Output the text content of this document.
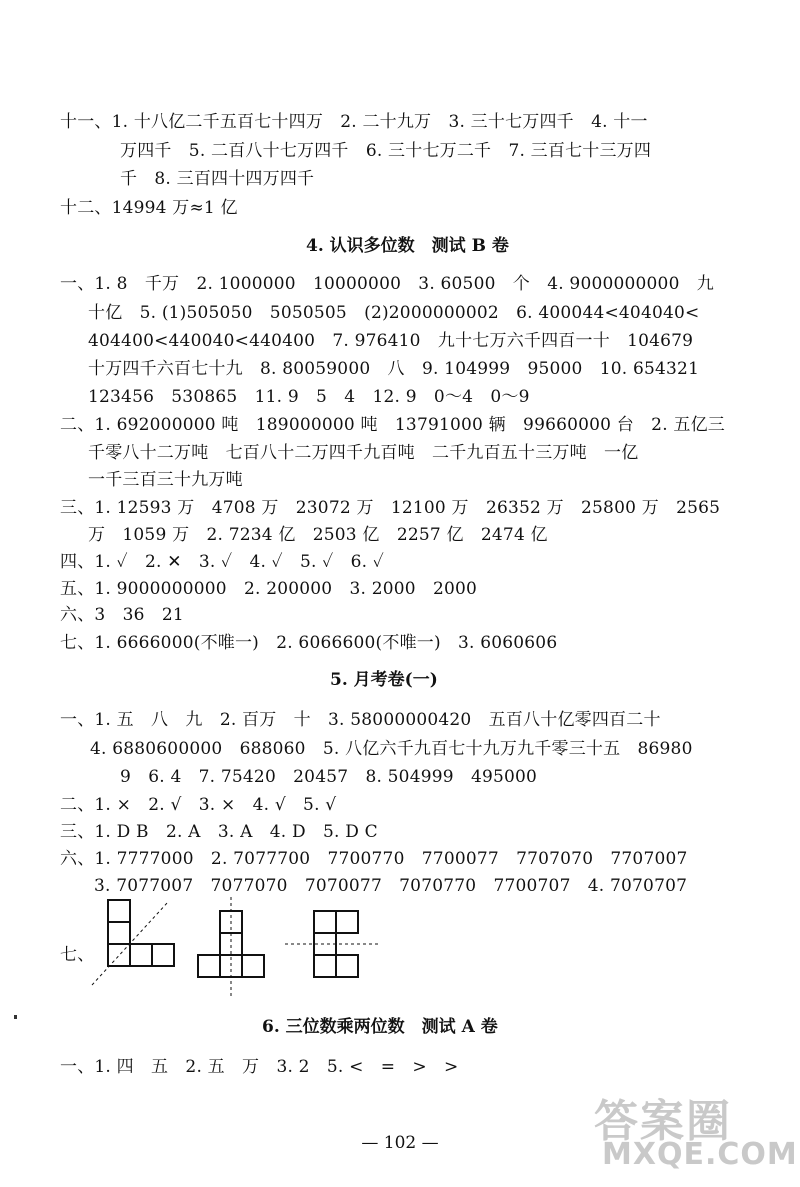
十一、1. 十八亿二千五百七十四万　2. 二十九万　3. 三十七万四千　4. 十一
万四千　5. 二百八十七万四千　6. 三十七万二千　7. 三百七十三万四
千　8. 三百四十四万四千
十二、14994 万≈1 亿
4. 认识多位数　测试 B 卷
一、1. 8　千万　2. 1000000　10000000　3. 60500　个　4. 9000000000　九
十亿　5. (1)505050　5050505　(2)2000000002　6. 400044<404040<
404400<440040<440400　7. 976410　九十七万六千四百一十　104679
十万四千六百七十九　8. 80059000　八　9. 104999　95000　10. 654321
123456　530865　11. 9　5　4　12. 9　0～4　0～9
二、1. 692000000 吨　189000000 吨　13791000 辆　99660000 台　2. 五亿三
千零八十二万吨　七百八十二万四千九百吨　二千九百五十三万吨　一亿
一千三百三十九万吨
三、1. 12593 万　4708 万　23072 万　12100 万　26352 万　25800 万　2565
万　1059 万　2. 7234 亿　2503 亿　2257 亿　2474 亿
四、1. ✓　2. ✕　3. ✓　4. ✓　5. ✓　6. ✓
五、1. 9000000000　2. 200000　3. 2000　2000
六、3　36　21
七、1. 6666000(不唯一)　2. 6066600(不唯一)　3. 6060606
5. 月考卷(一)
一、1. 五　八　九　2. 百万　十　3. 58000000420　五百八十亿零四百二十
4. 6880600000　688060　5. 八亿六千九百七十九万九千零三十五　86980
9　6. 4　7. 75420　20457　8. 504999　495000
二、1. ×　2. √　3. ×　4. √　5. √
三、1. D B　2. A　3. A　4. D　5. D C
六、1. 7777000　2. 7077700　7700770　7700077　7707070　7707007
3. 7077007　7077070　7070077　7070770　7700707　4. 7070707
七、
6. 三位数乘两位数　测试 A 卷
一、1. 四　五　2. 五　万　3. 2　5. <　=　>　>
— 102 —	答案圈
MXQE.COM
